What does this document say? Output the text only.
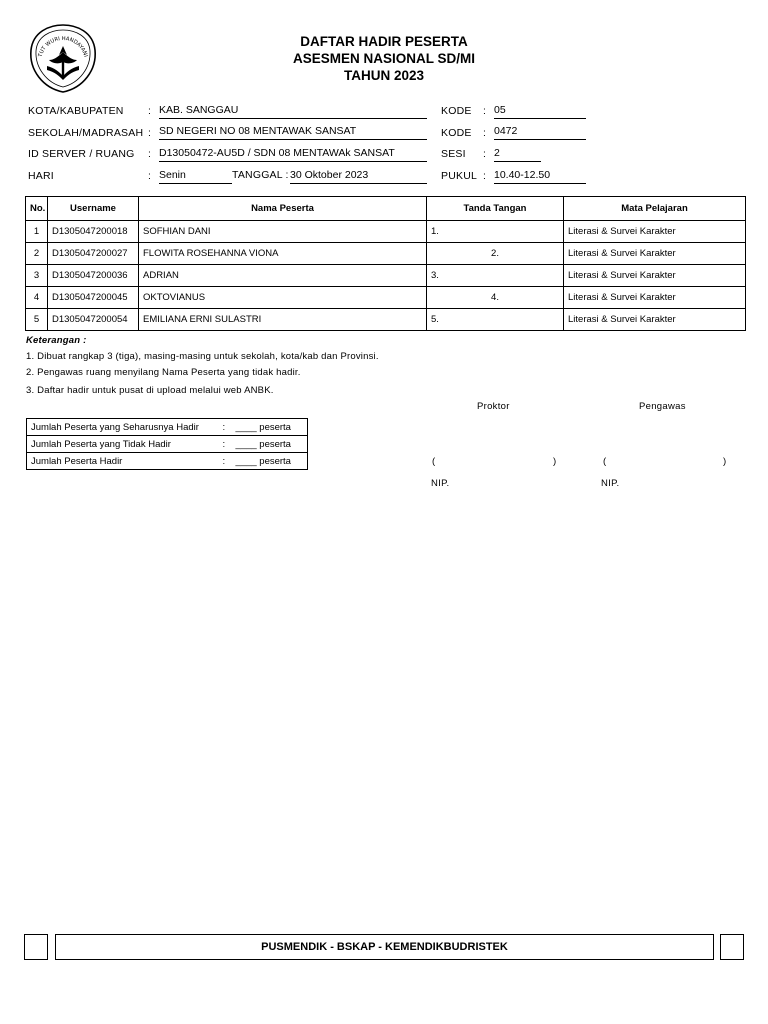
TUT WURI HANDAYANI
DAFTAR HADIR PESERTA
ASESMEN NASIONAL SD/MI
TAHUN 2023
KOTA/KABUPATEN : KAB. SANGGAU
SEKOLAH/MADRASAH : SD NEGERI NO 08 MENTAWAK SANSAT
ID SERVER / RUANG : D13050472-AU5D / SDN 08 MENTAWAk SANSAT
HARI	: Senin	TANGGAL : 30 Oktober 2023
KODE : 05
KODE : 0472
SESI : 2
PUKUL : 10.40-12.50
No.	Username	Nama Peserta	Tanda Tangan	Mata Pelajaran
1	D1305047200018	SOFHIAN DANI	1.	Literasi & Survei Karakter
2	D1305047200027	FLOWITA ROSEHANNA VIONA	2.	Literasi & Survei Karakter
3	D1305047200036	ADRIAN	3.	Literasi & Survei Karakter
4	D1305047200045	OKTOVIANUS	4.	Literasi & Survei Karakter
5	D1305047200054	EMILIANA ERNI SULASTRI	5.	Literasi & Survei Karakter
Keterangan :
1. Dibuat rangkap 3 (tiga), masing-masing untuk sekolah, kota/kab dan Provinsi.
2. Pengawas ruang menyilang Nama Peserta yang tidak hadir.
3. Daftar hadir untuk pusat di upload melalui web ANBK.
Jumlah Peserta yang Seharusnya Hadir	:	____ peserta
Jumlah Peserta yang Tidak Hadir	:	____ peserta
Jumlah Peserta Hadir	:	____ peserta
Proktor	Pengawas
(	)	(	)
NIP.	NIP.
PUSMENDIK - BSKAP - KEMENDIKBUDRISTEK
